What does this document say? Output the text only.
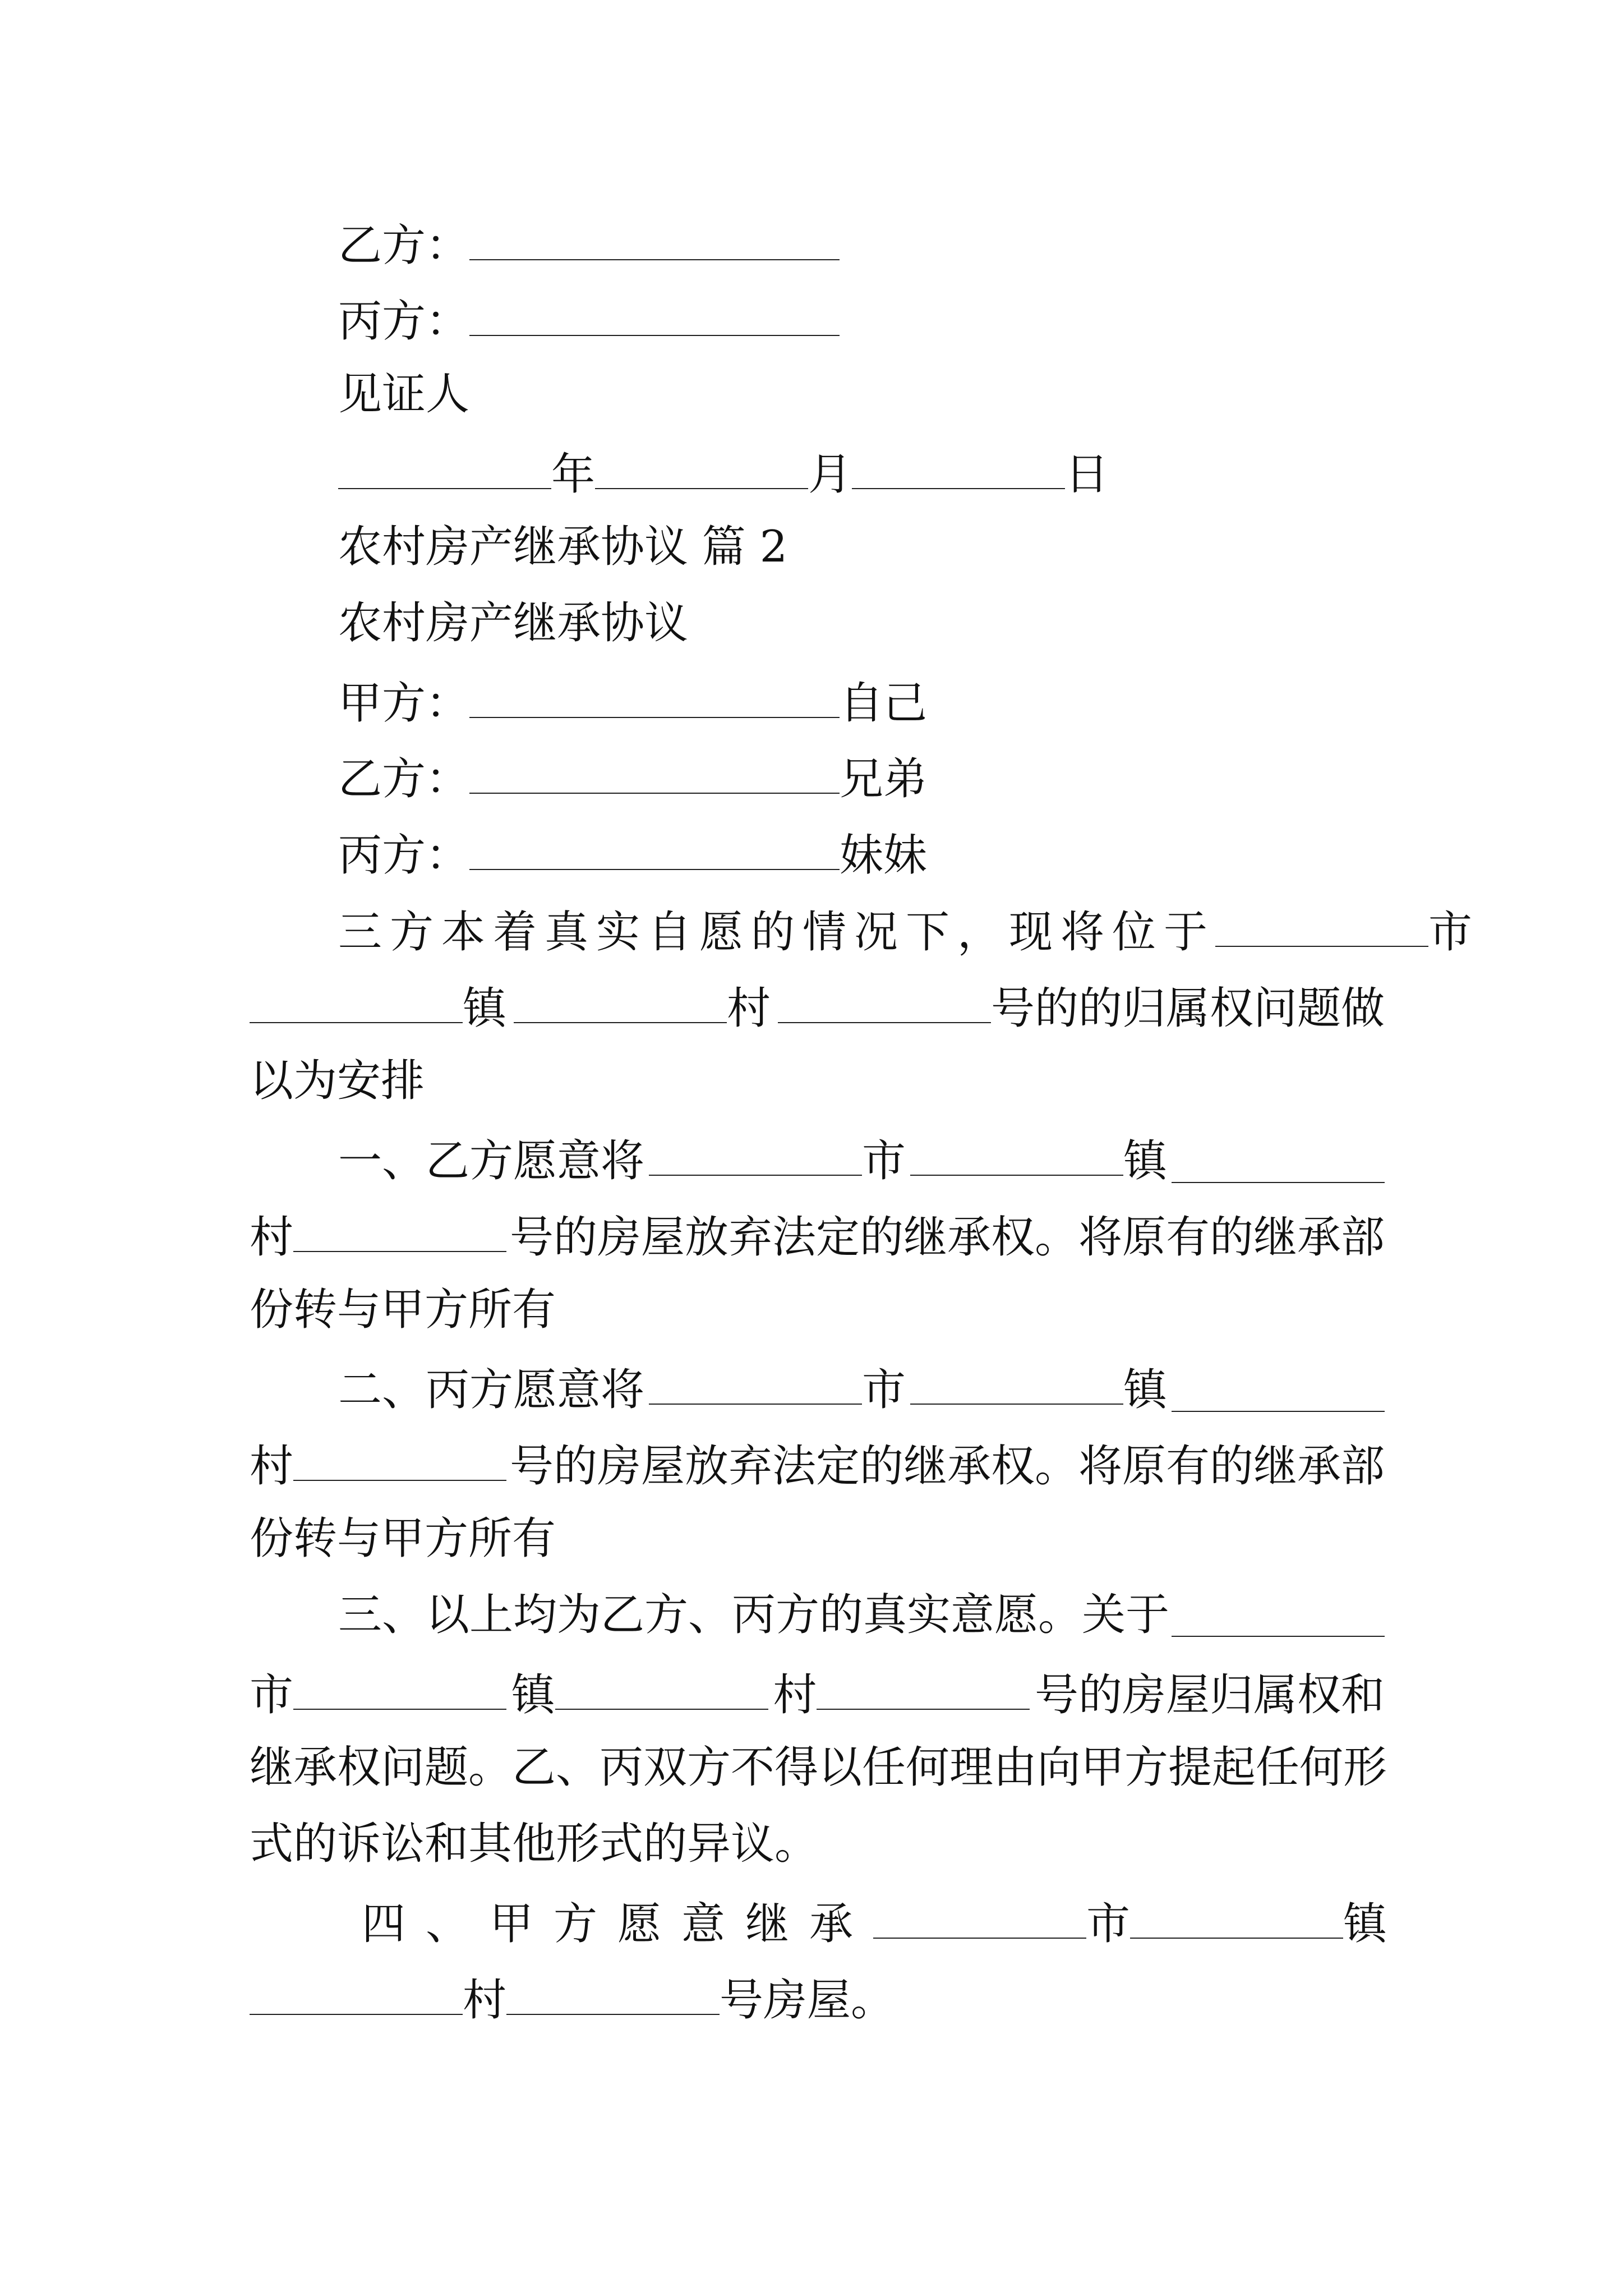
乙方：
丙方：
见证人
年	月	日
农村房产继承协议 篇 2
农村房产继承协议
甲方：	自己
乙方：	兄弟
丙方：	妹妹
三方本着真实自愿的情况下，现将位于	市
镇	村	号的的归属权问题做
以为安排
一、乙方愿意将	市	镇
村	号的房屋放弃法定的继承权。将原有的继承部
份转与甲方所有
二、丙方愿意将	市	镇
村	号的房屋放弃法定的继承权。将原有的继承部
份转与甲方所有
三、以上均为乙方、丙方的真实意愿。关于
市	镇	村	号的房屋归属权和
继承权问题。乙、丙双方不得以任何理由向甲方提起任何形
式的诉讼和其他形式的异议。
四、甲方愿意继承	市	镇
村	号房屋。
